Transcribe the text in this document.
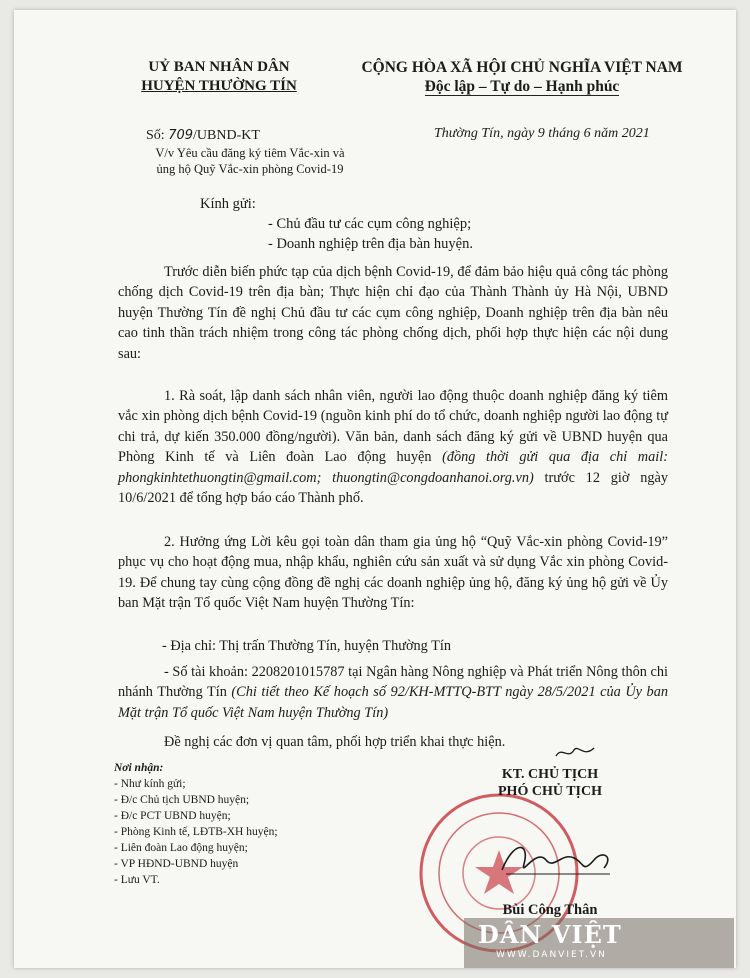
UỶ BAN NHÂN DÂN
HUYỆN THƯỜNG TÍN
CỘNG HÒA XÃ HỘI CHỦ NGHĨA VIỆT NAM
Độc lập – Tự do – Hạnh phúc
Số: 709/UBND-KT
V/v Yêu cầu đăng ký tiêm Vắc-xin và
ủng hộ Quỹ Vắc-xin phòng Covid-19
Thường Tín, ngày 9 tháng 6 năm 2021
Kính gửi:
- Chủ đầu tư các cụm công nghiệp;
- Doanh nghiệp trên địa bàn huyện.
Trước diễn biến phức tạp của dịch bệnh Covid-19, để đảm bảo hiệu quả công tác phòng chống dịch Covid-19 trên địa bàn; Thực hiện chỉ đạo của Thành Thành ủy Hà Nội, UBND huyện Thường Tín đề nghị Chủ đầu tư các cụm công nghiệp, Doanh nghiệp trên địa bàn nêu cao tinh thần trách nhiệm trong công tác phòng chống dịch, phối hợp thực hiện các nội dung sau:
1. Rà soát, lập danh sách nhân viên, người lao động thuộc doanh nghiệp đăng ký tiêm vắc xin phòng dịch bệnh Covid-19 (nguồn kinh phí do tổ chức, doanh nghiệp người lao động tự chi trả, dự kiến 350.000 đồng/người). Văn bản, danh sách đăng ký gửi về UBND huyện qua Phòng Kinh tế và Liên đoàn Lao động huyện (đồng thời gửi qua địa chỉ mail: phongkinhtethuongtin@gmail.com; thuongtin@congdoanhanoi.org.vn) trước 12 giờ ngày 10/6/2021 để tổng hợp báo cáo Thành phố.
2. Hưởng ứng Lời kêu gọi toàn dân tham gia ủng hộ “Quỹ Vắc-xin phòng Covid-19” phục vụ cho hoạt động mua, nhập khẩu, nghiên cứu sản xuất và sử dụng Vắc xin phòng Covid-19. Để chung tay cùng cộng đồng đề nghị các doanh nghiệp ủng hộ, đăng ký ủng hộ gửi về Ủy ban Mặt trận Tổ quốc Việt Nam huyện Thường Tín:
- Địa chỉ: Thị trấn Thường Tín, huyện Thường Tín
- Số tài khoản: 2208201015787 tại Ngân hàng Nông nghiệp và Phát triển Nông thôn chi nhánh Thường Tín (Chi tiết theo Kế hoạch số 92/KH-MTTQ-BTT ngày 28/5/2021 của Ủy ban Mặt trận Tổ quốc Việt Nam huyện Thường Tín)
Đề nghị các đơn vị quan tâm, phối hợp triển khai thực hiện.
Nơi nhận:
- Như kính gửi;
- Đ/c Chủ tịch UBND huyện;
- Đ/c PCT UBND huyện;
- Phòng Kinh tế, LĐTB-XH huyện;
- Liên đoàn Lao động huyện;
- VP HĐND-UBND huyện
- Lưu VT.
KT. CHỦ TỊCH
PHÓ CHỦ TỊCH
Bùi Công Thân
DÂN VIỆT
WWW.DANVIET.VN
